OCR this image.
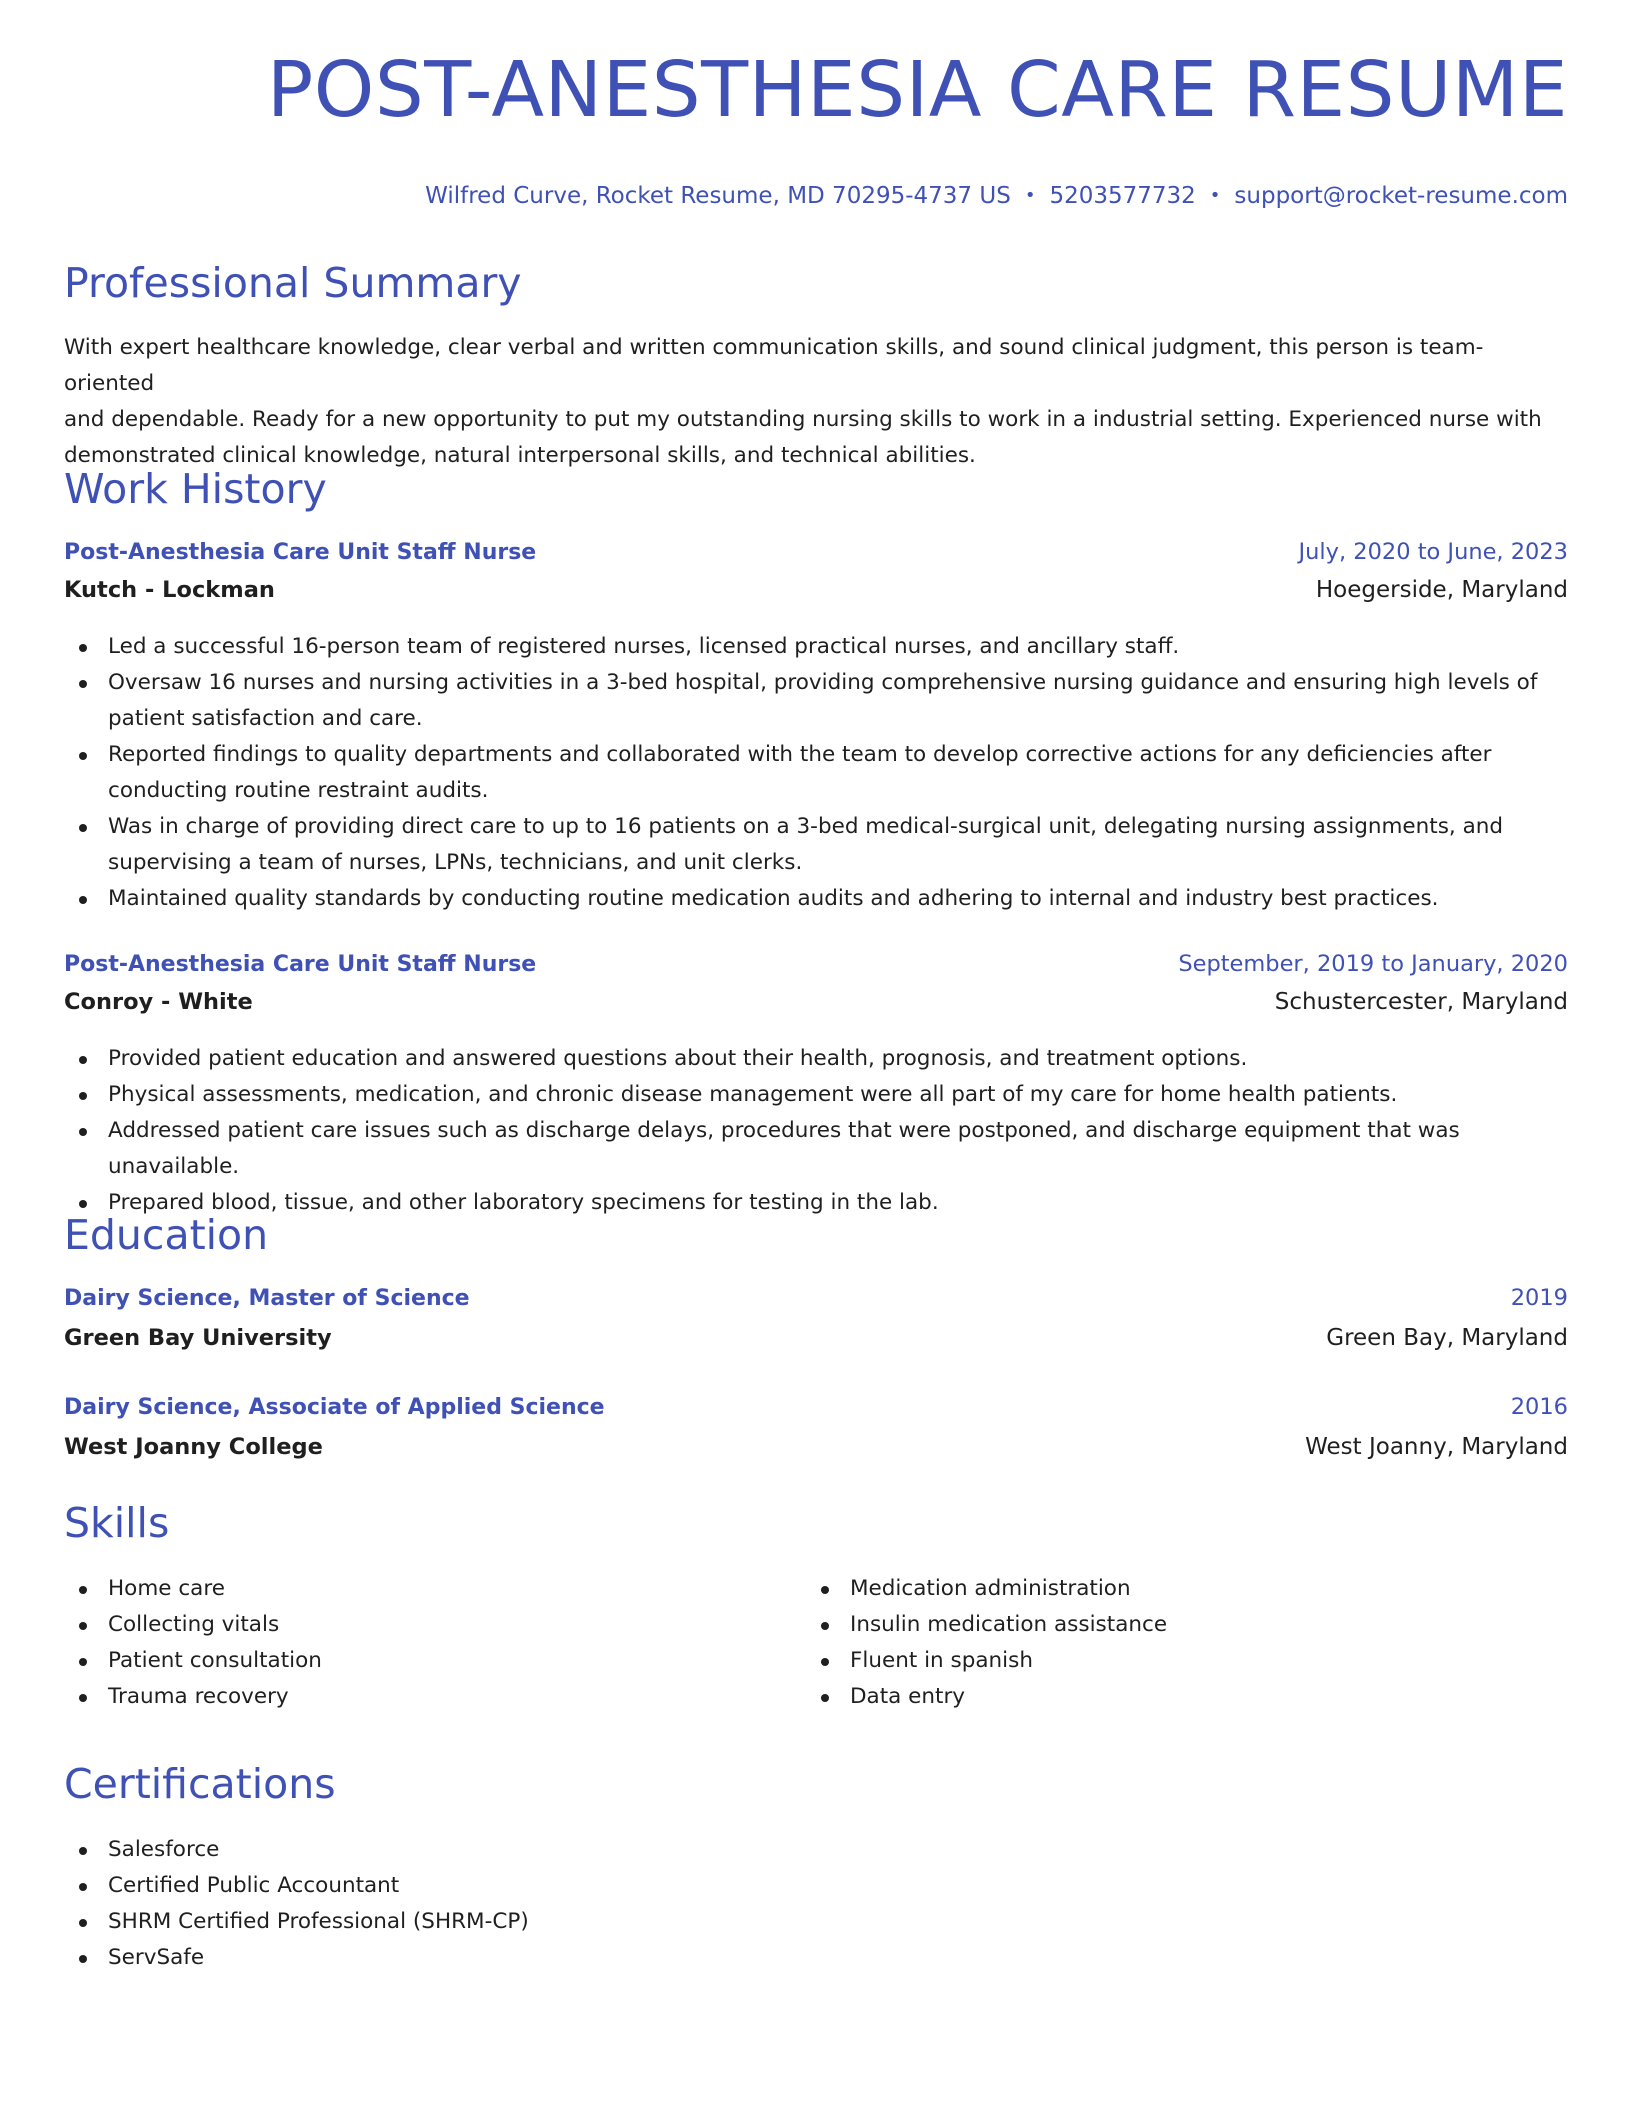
POST-ANESTHESIA CARE RESUME
Wilfred Curve, Rocket Resume, MD 70295-4737 US • 5203577732 • support@rocket-resume.com
Professional Summary
With expert healthcare knowledge, clear verbal and written communication skills, and sound clinical judgment, this person is team-oriented
and dependable. Ready for a new opportunity to put my outstanding nursing skills to work in a industrial setting. Experienced nurse with
demonstrated clinical knowledge, natural interpersonal skills, and technical abilities.
Work History
Post-Anesthesia Care Unit Staff Nurse	July, 2020 to June, 2023
Kutch - Lockman	Hoegerside, Maryland
Led a successful 16-person team of registered nurses, licensed practical nurses, and ancillary staff.
Oversaw 16 nurses and nursing activities in a 3-bed hospital, providing comprehensive nursing guidance and ensuring high levels of
patient satisfaction and care.
Reported findings to quality departments and collaborated with the team to develop corrective actions for any deficiencies after
conducting routine restraint audits.
Was in charge of providing direct care to up to 16 patients on a 3-bed medical-surgical unit, delegating nursing assignments, and
supervising a team of nurses, LPNs, technicians, and unit clerks.
Maintained quality standards by conducting routine medication audits and adhering to internal and industry best practices.
Post-Anesthesia Care Unit Staff Nurse	September, 2019 to January, 2020
Conroy - White	Schustercester, Maryland
Provided patient education and answered questions about their health, prognosis, and treatment options.
Physical assessments, medication, and chronic disease management were all part of my care for home health patients.
Addressed patient care issues such as discharge delays, procedures that were postponed, and discharge equipment that was unavailable.
Prepared blood, tissue, and other laboratory specimens for testing in the lab.
Education
Dairy Science, Master of Science	2019
Green Bay University	Green Bay, Maryland
Dairy Science, Associate of Applied Science	2016
West Joanny College	West Joanny, Maryland
Skills
Home care
Collecting vitals
Patient consultation
Trauma recovery
Medication administration
Insulin medication assistance
Fluent in spanish
Data entry
Certifications
Salesforce
Certified Public Accountant
SHRM Certified Professional (SHRM-CP)
ServSafe
